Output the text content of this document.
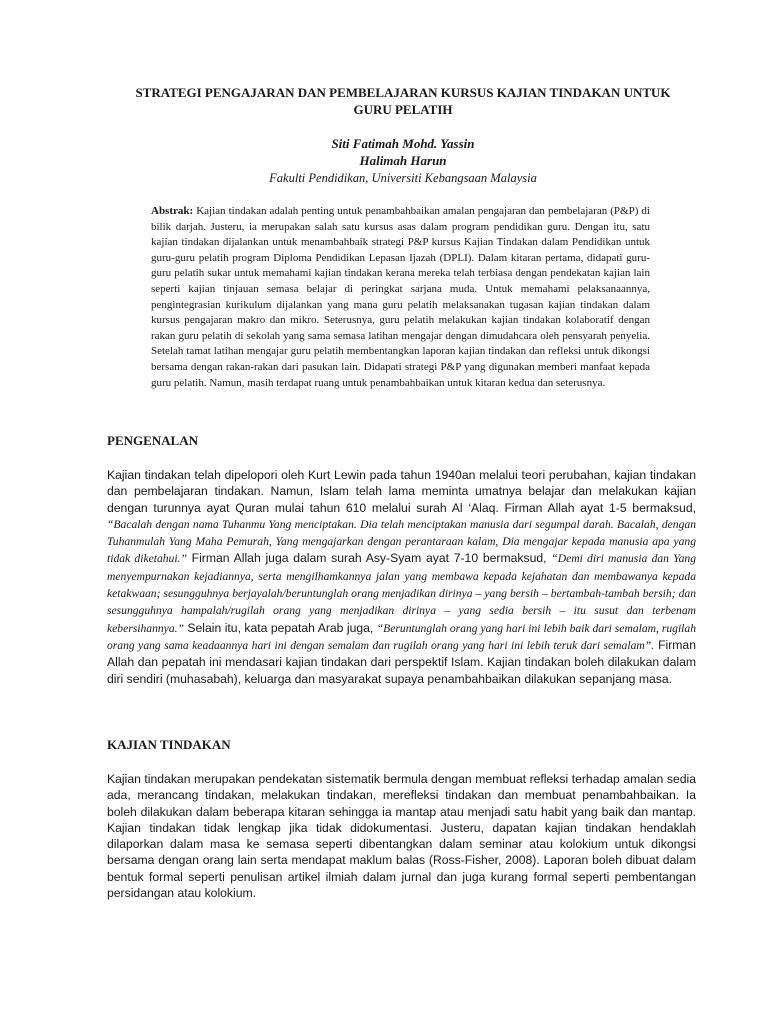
STRATEGI PENGAJARAN DAN PEMBELAJARAN KURSUS KAJIAN TINDAKAN UNTUK GURU PELATIH

Siti Fatimah Mohd. Yassin

Halimah Harun

Fakulti Pendidikan, Universiti Kebangsaan Malaysia

Abstrak: Kajian tindakan adalah penting untuk penambahbaikan amalan pengajaran dan pembelajaran (P&P) di bilik darjah. Justeru, ia merupakan salah satu kursus asas dalam program pendidikan guru. Dengan itu, satu kajian tindakan dijalankan untuk menambahbaik strategi P&P kursus Kajian Tindakan dalam Pendidikan untuk guru-guru pelatih program Diploma Pendidikan Lepasan Ijazah (DPLI). Dalam kitaran pertama, didapati guru-guru pelatih sukar untuk memahami kajian tindakan kerana mereka telah terbiasa dengan pendekatan kajian lain seperti kajian tinjauan semasa belajar di peringkat sarjana muda. Untuk memahami pelaksanaannya, pengintegrasian kurikulum dijalankan yang mana guru pelatih melaksanakan tugasan kajian tindakan dalam kursus pengajaran makro dan mikro. Seterusnya, guru pelatih melakukan kajian tindakan kolaboratif dengan rakan guru pelatih di sekolah yang sama semasa latihan mengajar dengan dimudahcara oleh pensyarah penyelia. Setelah tamat latihan mengajar guru pelatih membentangkan laporan kajian tindakan dan refleksi untuk dikongsi bersama dengan rakan-rakan dari pasukan lain. Didapati strategi P&P yang digunakan memberi manfaat kepada guru pelatih. Namun, masih terdapat ruang untuk penambahbaikan untuk kitaran kedua dan seterusnya.

PENGENALAN

Kajian tindakan telah dipelopori oleh Kurt Lewin pada tahun 1940an melalui teori perubahan, kajian tindakan dan pembelajaran tindakan. Namun, Islam telah lama meminta umatnya belajar dan melakukan kajian dengan turunnya ayat Quran mulai tahun 610 melalui surah Al ‘Alaq. Firman Allah ayat 1-5 bermaksud, “Bacalah dengan nama Tuhanmu Yang menciptakan. Dia telah menciptakan manusia dari segumpal darah. Bacalah, dengan Tuhanmulah Yang Maha Pemurah, Yang mengajarkan dengan perantaraan kalam, Dia mengajar kepada manusia apa yang tidak diketahui.” Firman Allah juga dalam surah Asy-Syam ayat 7-10 bermaksud, “Demi diri manusia dan Yang menyempurnakan kejadiannya, serta mengilhamkannya jalan yang membawa kepada kejahatan dan membawanya kepada ketakwaan; sesungguhnya berjayalah/beruntunglah orang menjadikan dirinya – yang bersih – bertambah-tambah bersih; dan sesungguhnya hampalah/rugilah orang yang menjadikan dirinya – yang sedia bersih – itu susut dan terbenam kebersihannya.” Selain itu, kata pepatah Arab juga, “Beruntunglah orang yang hari ini lebih baik dari semalam, rugilah orang yang sama keadaannya hari ini dengan semalam dan rugilah orang yang hari ini lebih teruk dari semalam”. Firman Allah dan pepatah ini mendasari kajian tindakan dari perspektif Islam. Kajian tindakan boleh dilakukan dalam diri sendiri (muhasabah), keluarga dan masyarakat supaya penambahbaikan dilakukan sepanjang masa.

KAJIAN TINDAKAN

Kajian tindakan merupakan pendekatan sistematik bermula dengan membuat refleksi terhadap amalan sedia ada, merancang tindakan, melakukan tindakan, merefleksi tindakan dan membuat penambahbaikan. Ia boleh dilakukan dalam beberapa kitaran sehingga ia mantap atau menjadi satu habit yang baik dan mantap. Kajian tindakan tidak lengkap jika tidak didokumentasi. Justeru, dapatan kajian tindakan hendaklah dilaporkan dalam masa ke semasa seperti dibentangkan dalam seminar atau kolokium untuk dikongsi bersama dengan orang lain serta mendapat maklum balas (Ross-Fisher, 2008). Laporan boleh dibuat dalam bentuk formal seperti penulisan artikel ilmiah dalam jurnal dan juga kurang formal seperti pembentangan persidangan atau kolokium.
